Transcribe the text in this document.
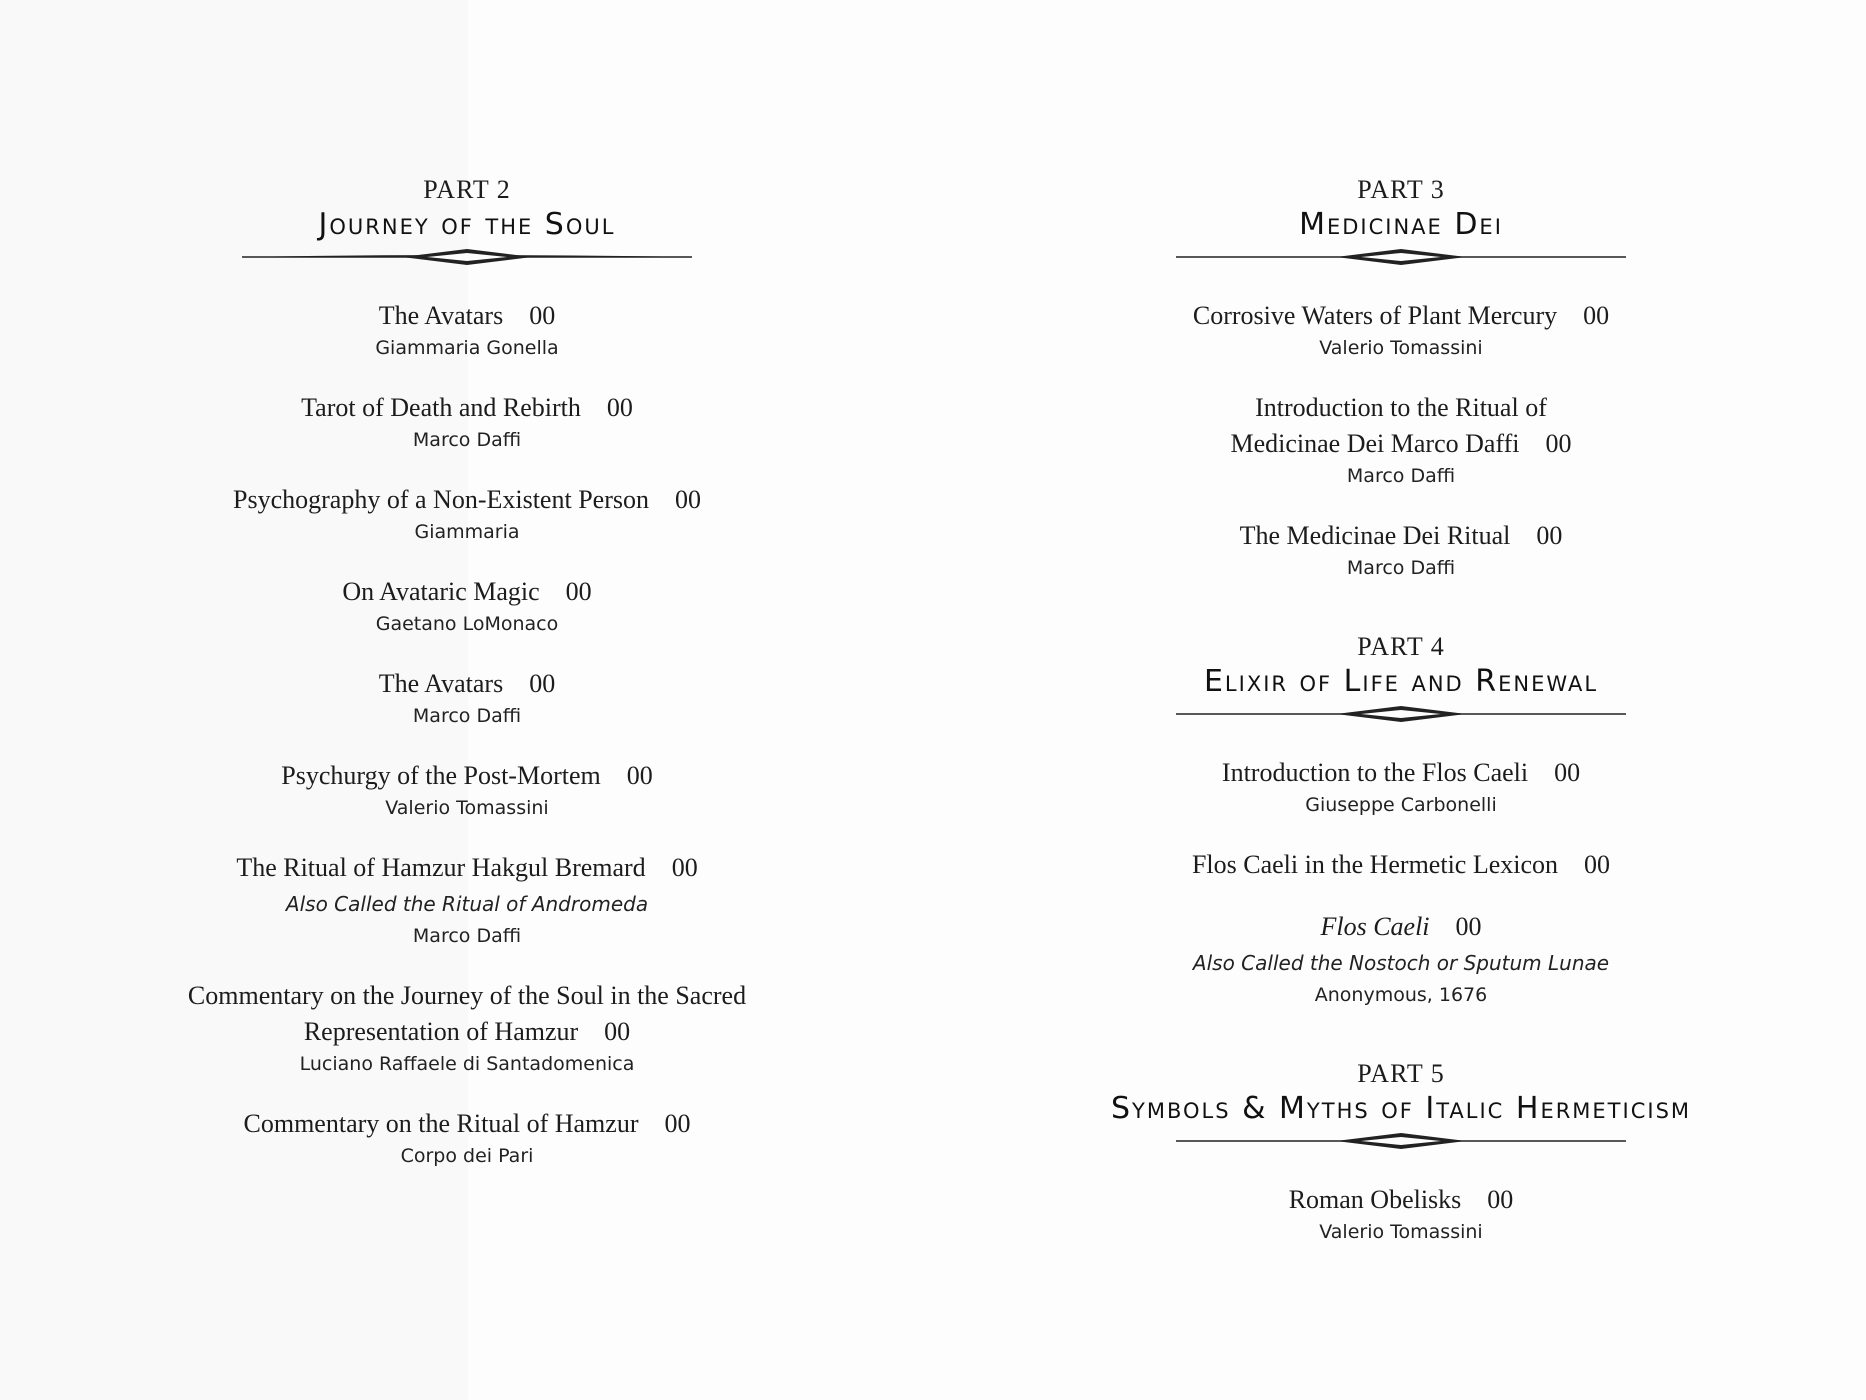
PART 2
Journey of the Soul
The Avatars 00
Giammaria Gonella
Tarot of Death and Rebirth 00
Marco Daffi
Psychography of a Non-Existent Person 00
Giammaria
On Avataric Magic 00
Gaetano LoMonaco
The Avatars 00
Marco Daffi
Psychurgy of the Post-Mortem 00
Valerio Tomassini
The Ritual of Hamzur Hakgul Bremard 00
Also Called the Ritual of Andromeda
Marco Daffi
Commentary on the Journey of the Soul in the Sacred
Representation of Hamzur 00
Luciano Raffaele di Santadomenica
Commentary on the Ritual of Hamzur 00
Corpo dei Pari
PART 3
Medicinae Dei
Corrosive Waters of Plant Mercury 00
Valerio Tomassini
Introduction to the Ritual of
Medicinae Dei Marco Daffi 00
Marco Daffi
The Medicinae Dei Ritual 00
Marco Daffi
PART 4
Elixir of Life and Renewal
Introduction to the Flos Caeli 00
Giuseppe Carbonelli
Flos Caeli in the Hermetic Lexicon 00
Flos Caeli 00
Also Called the Nostoch or Sputum Lunae
Anonymous, 1676
PART 5
Symbols & Myths of Italic Hermeticism
Roman Obelisks 00
Valerio Tomassini
